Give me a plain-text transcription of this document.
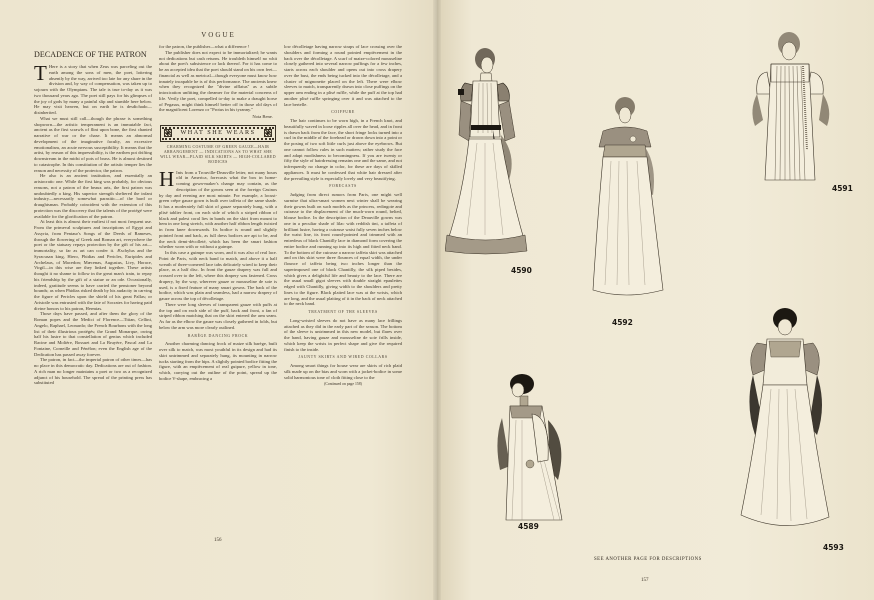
VOGUE
DECADENCE OF THE PATRON

T Here is a story that when Zeus was parceling out the earth among the sons of men, the poet, loitering absently by the way, arrived too late for any share in the division and, by way of compensation, was taken up to sojourn with the Olympians. The tale is true to-day as it was two thousand years ago. The poet still pays for his glimpses of the joy of gods by many a painful slip and stumble here below. He may visit heaven, but on earth he is desdichado—disinherited.

What we must still call—though the phrase is something shopworn—the artistic temperament is an immutable fact, ancient as the first scrawls of flint upon bone, the first chanted narrative of war or the chase. It means an abnormal development of the imaginative faculty, an excessive emotionalism, an acute nervous susceptibility. It means that the artist, by reason of this impressibility, is the earthen pot drifting downstream in the midst of pots of brass. He is almost destined to catastrophe. In this constitution of the artistic temper lies the reason and necessity of the protector, the patron.

He also is an ancient institution, and essentially an aristocratic one. While the first king was probably, for obvious reasons, not a patron of the beaux arts, the first patron was undoubtedly a king. His superior strength sheltered the infant industry—necessarily somewhat parasitic—of the bard or draughtsman. Probably coincident with the extension of this protection was the discovery that the talents of the protégé were available for the glorification of the patron.

At least this is almost their earliest if not most frequent use. From the primeval sculptures and inscriptions of Egypt and Assyria, from Pentaur's Songs of the Deeds of Rameses, through the flowering of Greek and Roman art, everywhere the poet or the statuary repays protection by the gift of his art—immortality, so far as art can confer it. Æschylus and the Syracusan king, Hiero, Phidias and Pericles, Euripides and Archelaus, of Macedon; Mæcenas, Augustus, Livy, Horace, Virgil—in this wise are they linked together. These artists thought it no shame to follow in the great man's train, to repay his friendship by the gift of a statue or an ode. Occasionally, indeed, gratitude seems to have carried the pensioner beyond bounds; as when Phidias risked death by his audacity in carving the figure of Pericles upon the shield of his great Pallas; or Aristotle was entrusted with the fate of Socrates for having paid divine honors to his patron, Hermias.

Those days have passed, and after them the glory of the Roman popes and the Medici of Florence—Titian, Cellini, Angelo, Raphael, Leonardo; the French Bourbons with the long list of their illustrious protégés; the Grand Monarque, owing half his lustre to that constellation of genius which included Racine and Molière, Bossuet and La Bruyère, Pascal and La Fontaine, Corneille and Fénélon; even the English age of the Dedication has passed away forever.

The patron, in fact—the imperial patron of other times—has no place in this democratic day. Dedications are out of fashion. A rich man no longer maintains a poet or two as a recognized adjunct of his household. The spread of the printing press has substituted

for the patron, the publisher—what a difference !

The publisher does not expect to be immortalized; he wants not dedications but cash returns. He troubleth himself no whit about the poet's subsistence or lack thereof. For it has come to be an accepted idea that the poet should stand on his own feet—financial as well as metrical—though everyone must know how innately incapable he is of this performance. The ancients knew when they recognized the "divine afflatus" as a subtle intoxication unfitting the dreamer for the material concerns of life. Verily the poet, compelled to-day to make a draught horse of Pegasus, might think himself better off in those old days of the magnificent Lorenzo or "Protus in his tyranny."

Nota Bene.
WHAT SHE WEARS
CHARMING COSTUME OF GREEN GAUZE—HAIR ARRANGEMENT — INDICATIONS AS TO WHAT SHE WILL WEAR—PLAID SILK SKIRTS — HIGH-COLLARED BODICES

H Ints from a Trouville-Deauville letter, not many hours old in America, forecasts what the box in home-coming gown-maker's change may contain, as the description of the gowns seen at the foreign Casinos by day and evening are most minute. For example, a locust-green crêpe gauze gown is built over taffeta of the same shade. It has a moderately full skirt of gauze separately hung, with a plisé tablier front, on each side of which a striped ribbon of black and palest coral lies in bands on the skirt from mount to hem in one long stretch, with another half ribbon length twisted in from knee downwards. Its bodice is round and slightly pointed front and back, as full dress bodices are apt to be, and the neck demi-décolleté, which has been the smart fashion whether worn with or without a guimpe.

In this case a guimpe was worn, and it was also of real lace. Point de Paris, with neck band to match, and above it a half wreath of three-cornered lace tabs delicately wired to keep their place, as a half disc. In front the gauze drapery was full and crossed over to the left, where this drapery was fastened. Cross drapery, by the way, wherever gauze or mousseline de soie is used, is a fixed feature of many smart gowns. The back of the bodice, which was plain and seamless, had a narrow drapery of gauze across the top of décolletage.

There were long sleeves of transparent gauze with puffs at the top and on each side of the puff, back and front, a fan of striped ribbon matching that on the skirt entered the arm seam. As far as the elbow the gauze was closely gathered in folds, but below the arm was more clearly outlined.

BARÈGE DANCING FROCK

Another charming dancing frock of maize silk barège, built over silk to match, was most youthful in its design and had its skirt untrimmed and separately hung, its mounting in narrow tucks starting from the hips. A slightly pointed bodice fitting the figure, with an empiècement of real guipure, yellow in tone, which, carrying out the outline of the point, spread up the bodice V-shape, embracing a

low décolletage having narrow straps of lace crossing over the shoulders and forming a round pointed empiècement in the back over the décolletage. A scarf of maize-colored mousseline closely gathered into several narrow puffings for a few inches, starts across each shoulder and opens out into cross drapery over the bust, the ends being tucked into the décolletage, and a cluster of mignonette placed on the left. There were elbow sleeves to match, transparently drawn into close puffings on the upper arm ending in a plisé ruffle, while the puff at the top had another plisé ruffle springing over it and was attached to the lace bertelle.

COIFFURE

The hair continues to be worn high, in a French knot, and beautifully waved in loose ripples all over the head, and in front is drawn back from the face, the short fringe locks turned into a curl in the middle of the forehead or drawn down into a point or the posing of two soft little curls just above the eyebrows. But one cannot follow rules in such matters; rather study the face and adapt modishness to becomingness. If you are twenty or fifty the style of hairdressing remains one and the same, and not infrequently no change in color, for these are days of skilled appliances. It must be confessed that white hair dressed after the prevailing style is especially lovely and very beautifying.

FORECASTS

Judging from direct rumors from Paris, one might well surmise that ultra-smart women next winter shall be wearing their gowns built on such models as the princess, redingote and cuirasse to the displacement of the much-worn round, belted, blouse bodice. In the description of the Deauville gowns was one in a peculiar shade of lilac with reddish tint, a taffeta of brilliant lustre, having a cuirasse waist fully seven inches below the waist line, its front round-pointed and trimmed with an entredeux of black Chantilly lace in diamond form covering the entire bodice and running up into its high and fitted neck band. To the bottom of the cuirasse a narrow taffeta skirt was attached and on this skirt were three flounces of equal width, the under flounce of taffeta being two inches longer than the superimposed one of black Chantilly, the silk piped besides, which gives a delightful life and beauty to the lace. There are the usual small gigot sleeves with double straight epaulettes edged with Chantilly, giving width to the shoulders and pretty lines to the figure. Black plaited lace was at the wrists, which are long, and the usual plaiting of it in the back of neck attached to the neck band.

TREATMENT OF THE SLEEVES

Long-wristed sleeves do not have as many lace frillings attached as they did in the early part of the season. The bottom of the sleeve is untrimmed in this new model, but flares over the hand, having gauze and mousseline de soie frills inside, which keep the wrists in perfect shape and give the required finish to the inside.

JAUNTY SKIRTS AND WIRED COLLARS

Among smart things for house wear are skirts of rich plaid silk made up on the bias and worn with a jacket-bodice in some solid harmonious tone of cloth fitting close to the

(Continued on page 158)
156
4590
4592
4591
4589
4593
SEE ANOTHER PAGE FOR DESCRIPTIONS
157
